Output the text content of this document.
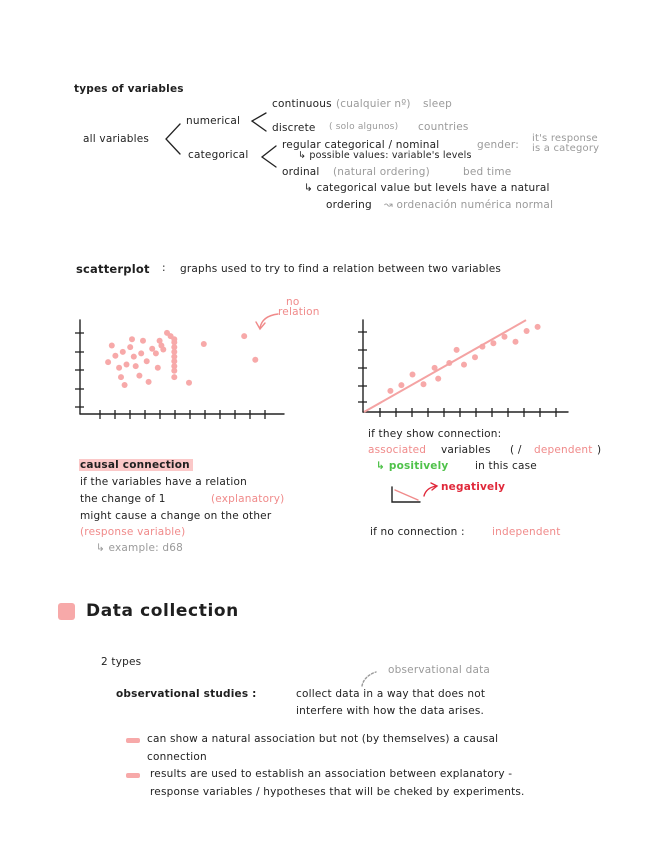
types of variables
all variables
numerical
categorical
continuous (cualquier nº) sleep
discrete ( solo algunos) countries
regular categorical / nominal	gender:
it's response
is a category
↳ possible values: variable's levels
ordinal (natural ordering)	bed time
↳ categorical value but levels have a natural
ordering ↝ ordenación numérica normal
scatterplot : graphs used to try to find a relation between two variables
no
relation
if they show connection:
associated variables ( / dependent )
↳ positively	in this case
negatively
if no connection :	independent
causal connection
if the variables have a relation
the change of 1	(explanatory)
might cause a change on the other
(response variable)
↳ example: d68
Data collection
2 types
observational data
observational studies :	collect data in a way that does not
interfere with how the data arises.
can show a natural association but not (by themselves) a causal
connection
results are used to establish an association between explanatory -
response variables / hypotheses that will be cheked by experiments.
